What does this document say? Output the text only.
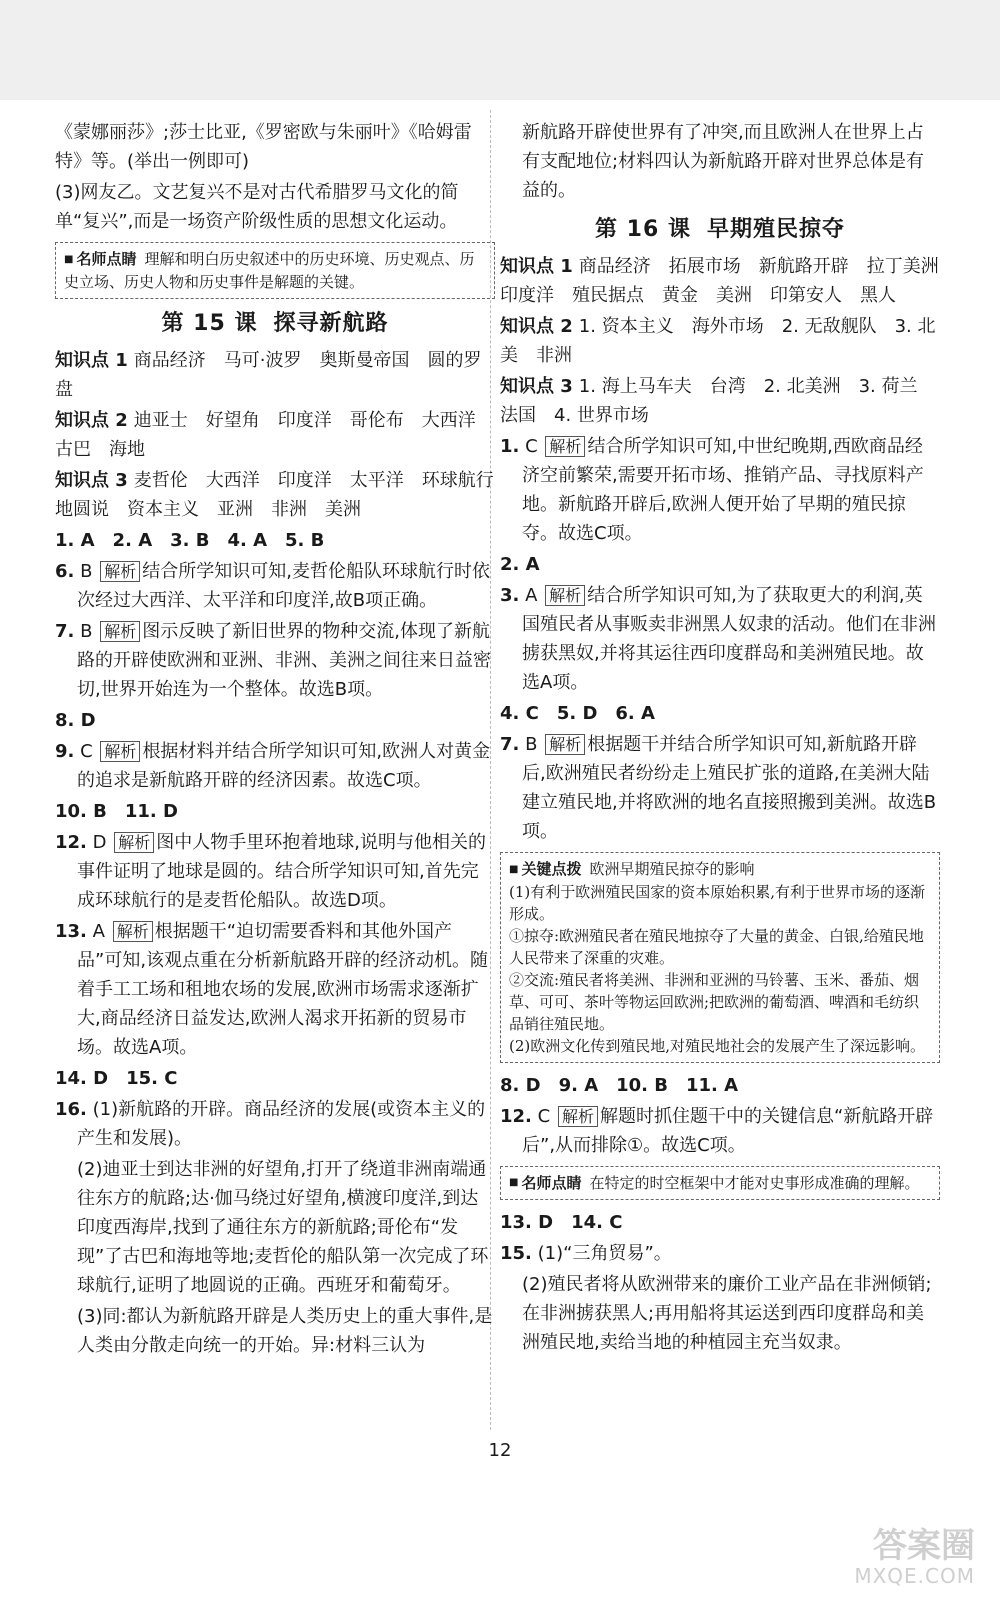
《蒙娜丽莎》;莎士比亚,《罗密欧与朱丽叶》《哈姆雷特》等。(举出一例即可)

(3)网友乙。文艺复兴不是对古代希腊罗马文化的简单“复兴”,而是一场资产阶级性质的思想文化运动。

■ 名师点睛 理解和明白历史叙述中的历史环境、历史观点、历史立场、历史人物和历史事件是解题的关键。
第 15 课 探寻新航路

知识点 1 商品经济　马可·波罗　奥斯曼帝国　圆的罗盘

知识点 2 迪亚士　好望角　印度洋　哥伦布　大西洋　古巴　海地

知识点 3 麦哲伦　大西洋　印度洋　太平洋　环球航行　地圆说　资本主义　亚洲　非洲　美洲

1. A　2. A　3. B　4. A　5. B

6. B 解析 结合所学知识可知,麦哲伦船队环球航行时依次经过大西洋、太平洋和印度洋,故B项正确。

7. B 解析 图示反映了新旧世界的物种交流,体现了新航路的开辟使欧洲和亚洲、非洲、美洲之间往来日益密切,世界开始连为一个整体。故选B项。

8. D

9. C 解析 根据材料并结合所学知识可知,欧洲人对黄金的追求是新航路开辟的经济因素。故选C项。

10. B　11. D

12. D 解析 图中人物手里环抱着地球,说明与他相关的事件证明了地球是圆的。结合所学知识可知,首先完成环球航行的是麦哲伦船队。故选D项。

13. A 解析 根据题干“迫切需要香料和其他外国产品”可知,该观点重在分析新航路开辟的经济动机。随着手工工场和租地农场的发展,欧洲市场需求逐渐扩大,商品经济日益发达,欧洲人渴求开拓新的贸易市场。故选A项。

14. D　15. C

16. (1)新航路的开辟。商品经济的发展(或资本主义的产生和发展)。

(2)迪亚士到达非洲的好望角,打开了绕道非洲南端通往东方的航路;达·伽马绕过好望角,横渡印度洋,到达印度西海岸,找到了通往东方的新航路;哥伦布“发现”了古巴和海地等地;麦哲伦的船队第一次完成了环球航行,证明了地圆说的正确。西班牙和葡萄牙。

(3)同:都认为新航路开辟是人类历史上的重大事件,是人类由分散走向统一的开始。异:材料三认为

新航路开辟使世界有了冲突,而且欧洲人在世界上占有支配地位;材料四认为新航路开辟对世界总体是有益的。

第 16 课 早期殖民掠夺

知识点 1 商品经济　拓展市场　新航路开辟　拉丁美洲　印度洋　殖民据点　黄金　美洲　印第安人　黑人

知识点 2 1. 资本主义　海外市场　2. 无敌舰队　3. 北美　非洲

知识点 3 1. 海上马车夫　台湾　2. 北美洲　3. 荷兰　法国　4. 世界市场

1. C 解析 结合所学知识可知,中世纪晚期,西欧商品经济空前繁荣,需要开拓市场、推销产品、寻找原料产地。新航路开辟后,欧洲人便开始了早期的殖民掠夺。故选C项。

2. A

3. A 解析 结合所学知识可知,为了获取更大的利润,英国殖民者从事贩卖非洲黑人奴隶的活动。他们在非洲掳获黑奴,并将其运往西印度群岛和美洲殖民地。故选A项。

4. C　5. D　6. A

7. B 解析 根据题干并结合所学知识可知,新航路开辟后,欧洲殖民者纷纷走上殖民扩张的道路,在美洲大陆建立殖民地,并将欧洲的地名直接照搬到美洲。故选B项。

■ 关键点拨 欧洲早期殖民掠夺的影响
(1)有利于欧洲殖民国家的资本原始积累,有利于世界市场的逐渐形成。
①掠夺:欧洲殖民者在殖民地掠夺了大量的黄金、白银,给殖民地人民带来了深重的灾难。
②交流:殖民者将美洲、非洲和亚洲的马铃薯、玉米、番茄、烟草、可可、茶叶等物运回欧洲;把欧洲的葡萄酒、啤酒和毛纺织品销往殖民地。
(2)欧洲文化传到殖民地,对殖民地社会的发展产生了深远影响。

8. D　9. A　10. B　11. A

12. C 解析 解题时抓住题干中的关键信息“新航路开辟后”,从而排除①。故选C项。

■ 名师点睛 在特定的时空框架中才能对史事形成准确的理解。

13. D　14. C

15. (1)“三角贸易”。

(2)殖民者将从欧洲带来的廉价工业产品在非洲倾销;在非洲掳获黑人;再用船将其运送到西印度群岛和美洲殖民地,卖给当地的种植园主充当奴隶。

12
答案圈
MXQE.COM
